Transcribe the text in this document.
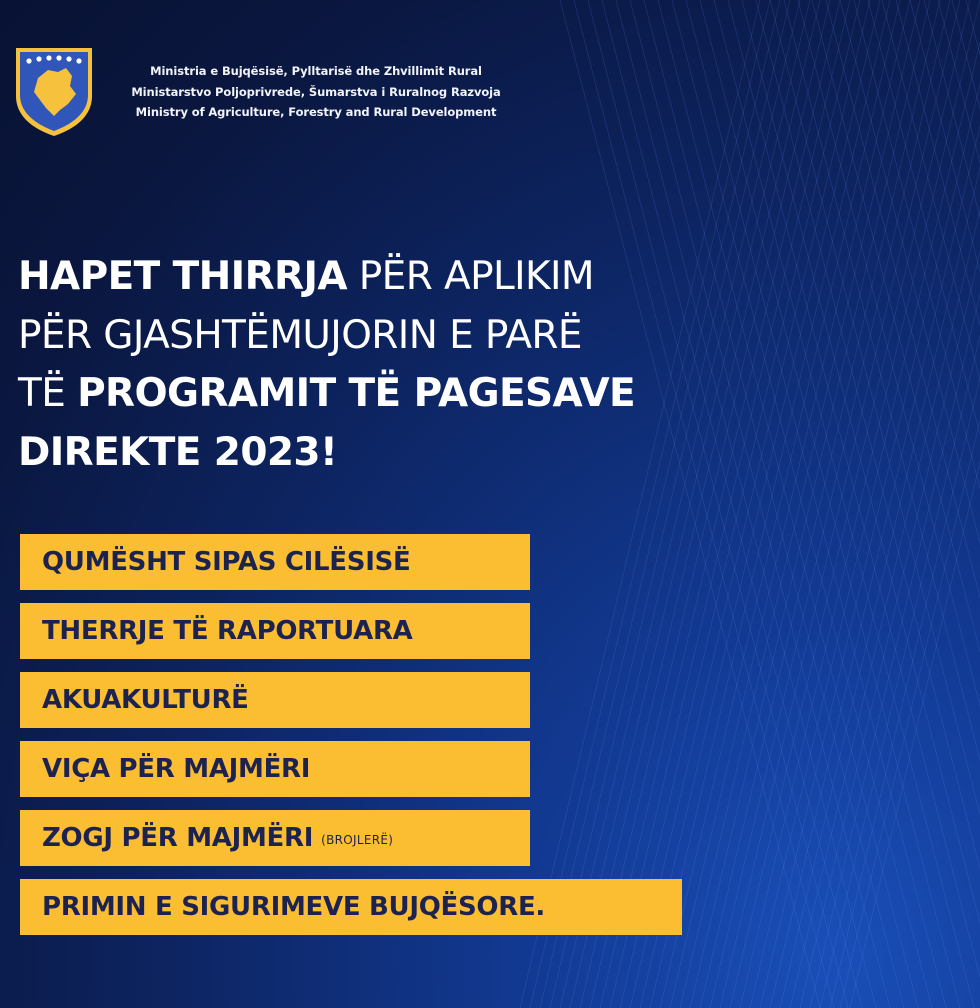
Ministria e Bujqësisë, Pylltarisë dhe Zhvillimit Rural
Ministarstvo Poljoprivrede, Šumarstva i Ruralnog Razvoja
Ministry of Agriculture, Forestry and Rural Development
HAPET THIRRJA PËR APLIKIM
PËR GJASHTËMUJORIN E PARË
TË PROGRAMIT TË PAGESAVE
DIREKTE 2023!
QUMËSHT SIPAS CILËSISË
THERRJE TË RAPORTUARA
AKUAKULTURË
VIÇA PËR MAJMËRI
ZOGJ PËR MAJMËRI (BROJLERË)
PRIMIN E SIGURIMEVE BUJQËSORE.
